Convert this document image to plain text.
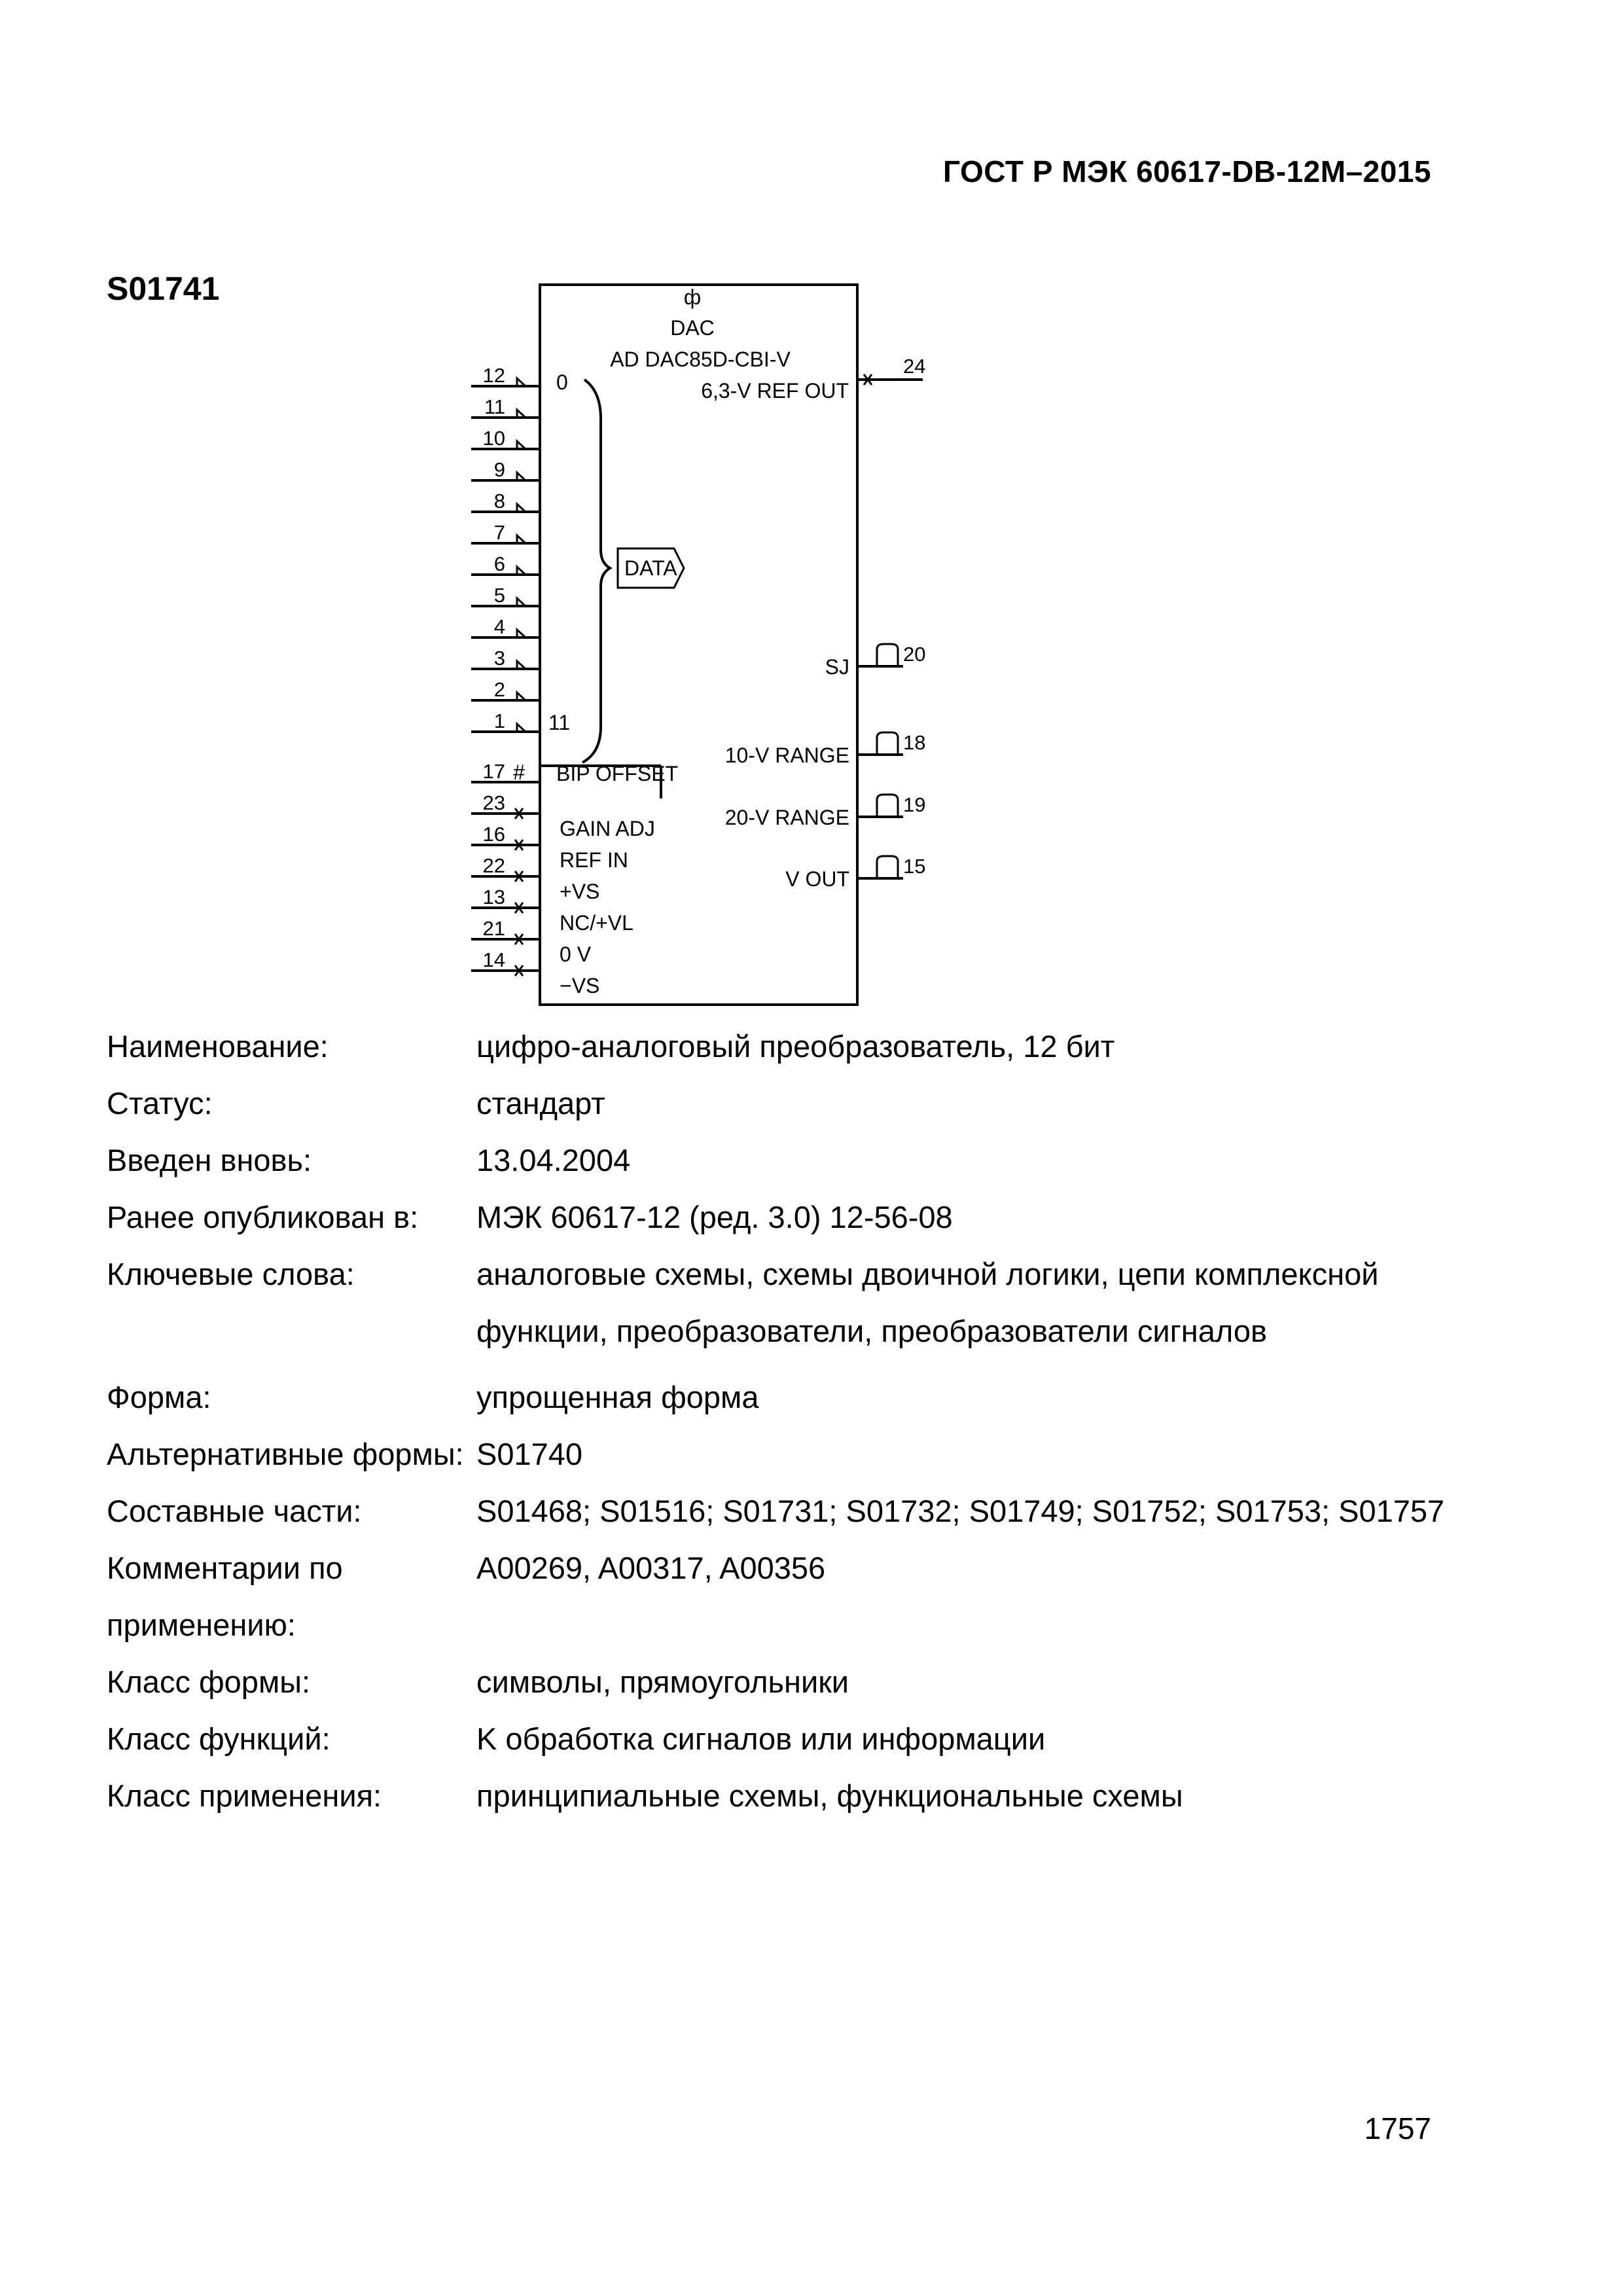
ГОСТ Р МЭК 60617-DB-12M–2015
S01741
12
11
10
9
8
7
6
5
4
3
2
1
#
17 BIP OFFSET
23
GAIN ADJ
16
REF IN
22
+VS
13
NC/+VL
21
0 V
14
−VS
20
SJ
18
10-V RANGE
19
20-V RANGE
15
V OUT
0
11
ф
DAC
AD DAC85D-CBI-V
6,3-V REF OUT
24
DATA
Наименование:	цифро-аналоговый преобразователь, 12 бит
Статус:	стандарт
Введен вновь:	13.04.2004
Ранее опубликован в:	МЭК 60617-12 (ред. 3.0) 12-56-08
Ключевые слова:	аналоговые схемы, схемы двоичной логики, цепи комплексной функции, преобразователи, преобразователи сигналов
Форма:	упрощенная форма
Альтернативные формы: S01740
Составные части:	S01468; S01516; S01731; S01732; S01749; S01752; S01753; S01757
Комментарии по применению:
A00269, A00317, A00356
Класс формы:	символы, прямоугольники
Класс функций:	K обработка сигналов или информации
Класс применения:	принципиальные схемы, функциональные схемы
1757
